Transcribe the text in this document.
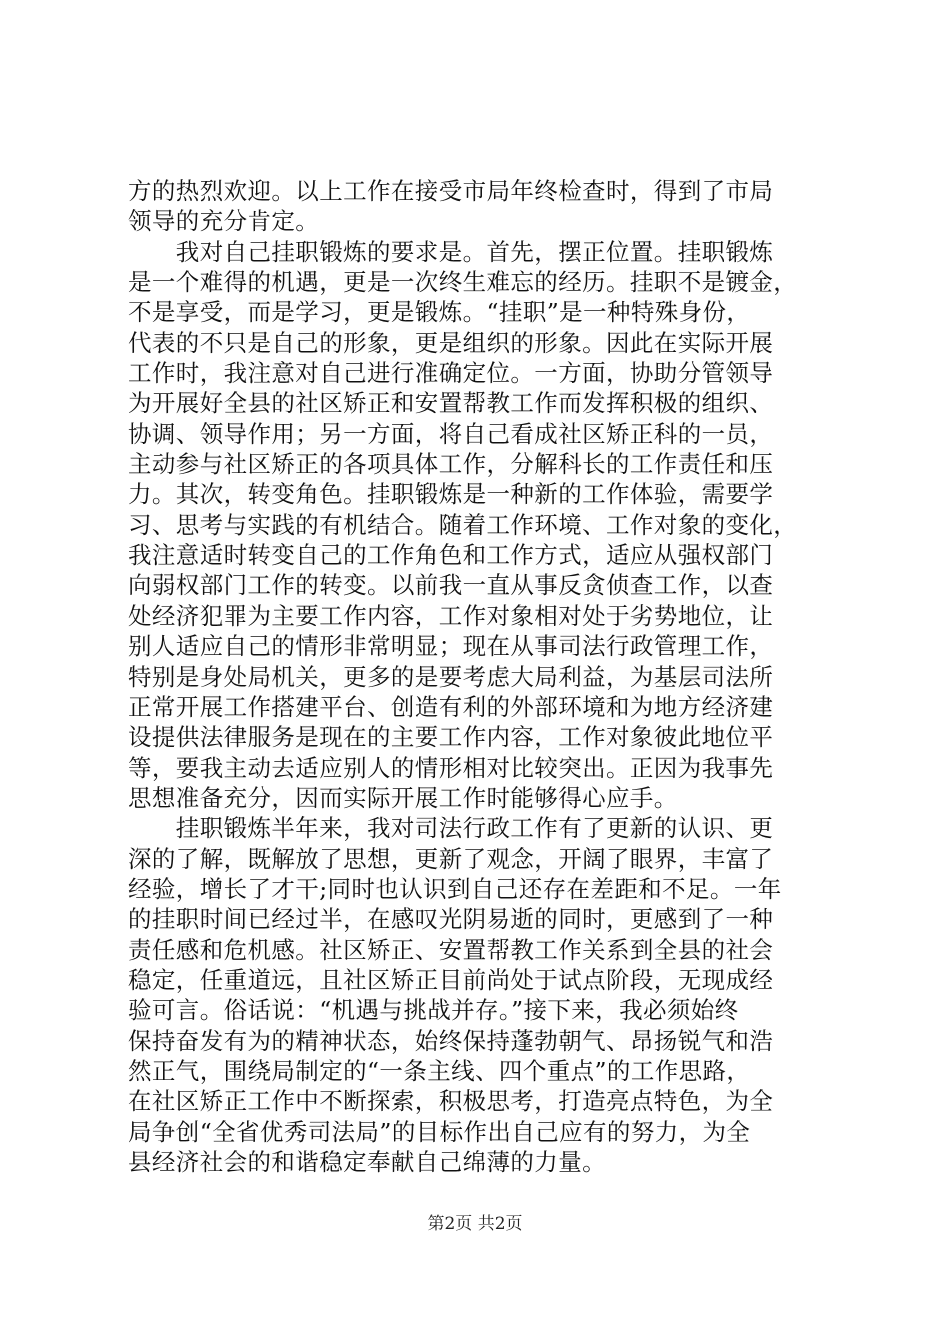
方的热烈欢迎。以上工作在接受市局年终检查时，得到了市局
领导的充分肯定。
　　我对自己挂职锻炼的要求是。首先，摆正位置。挂职锻炼
是一个难得的机遇，更是一次终生难忘的经历。挂职不是镀金，
不是享受，而是学习，更是锻炼。“挂职”是一种特殊身份，
代表的不只是自己的形象，更是组织的形象。因此在实际开展
工作时，我注意对自己进行准确定位。一方面，协助分管领导
为开展好全县的社区矫正和安置帮教工作而发挥积极的组织、
协调、领导作用；另一方面，将自己看成社区矫正科的一员，
主动参与社区矫正的各项具体工作，分解科长的工作责任和压
力。其次，转变角色。挂职锻炼是一种新的工作体验，需要学
习、思考与实践的有机结合。随着工作环境、工作对象的变化，
我注意适时转变自己的工作角色和工作方式，适应从强权部门
向弱权部门工作的转变。以前我一直从事反贪侦查工作，以查
处经济犯罪为主要工作内容，工作对象相对处于劣势地位，让
别人适应自己的情形非常明显；现在从事司法行政管理工作，
特别是身处局机关，更多的是要考虑大局利益，为基层司法所
正常开展工作搭建平台、创造有利的外部环境和为地方经济建
设提供法律服务是现在的主要工作内容，工作对象彼此地位平
等，要我主动去适应别人的情形相对比较突出。正因为我事先
思想准备充分，因而实际开展工作时能够得心应手。
　　挂职锻炼半年来，我对司法行政工作有了更新的认识、更
深的了解，既解放了思想，更新了观念，开阔了眼界，丰富了
经验，增长了才干;同时也认识到自己还存在差距和不足。一年
的挂职时间已经过半，在感叹光阴易逝的同时，更感到了一种
责任感和危机感。社区矫正、安置帮教工作关系到全县的社会
稳定，任重道远，且社区矫正目前尚处于试点阶段，无现成经
验可言。俗话说：“机遇与挑战并存。”接下来，我必须始终
保持奋发有为的精神状态，始终保持蓬勃朝气、昂扬锐气和浩
然正气，围绕局制定的“一条主线、四个重点”的工作思路，
在社区矫正工作中不断探索，积极思考，打造亮点特色，为全
局争创“全省优秀司法局”的目标作出自己应有的努力，为全
县经济社会的和谐稳定奉献自己绵薄的力量。
第2页 共2页
